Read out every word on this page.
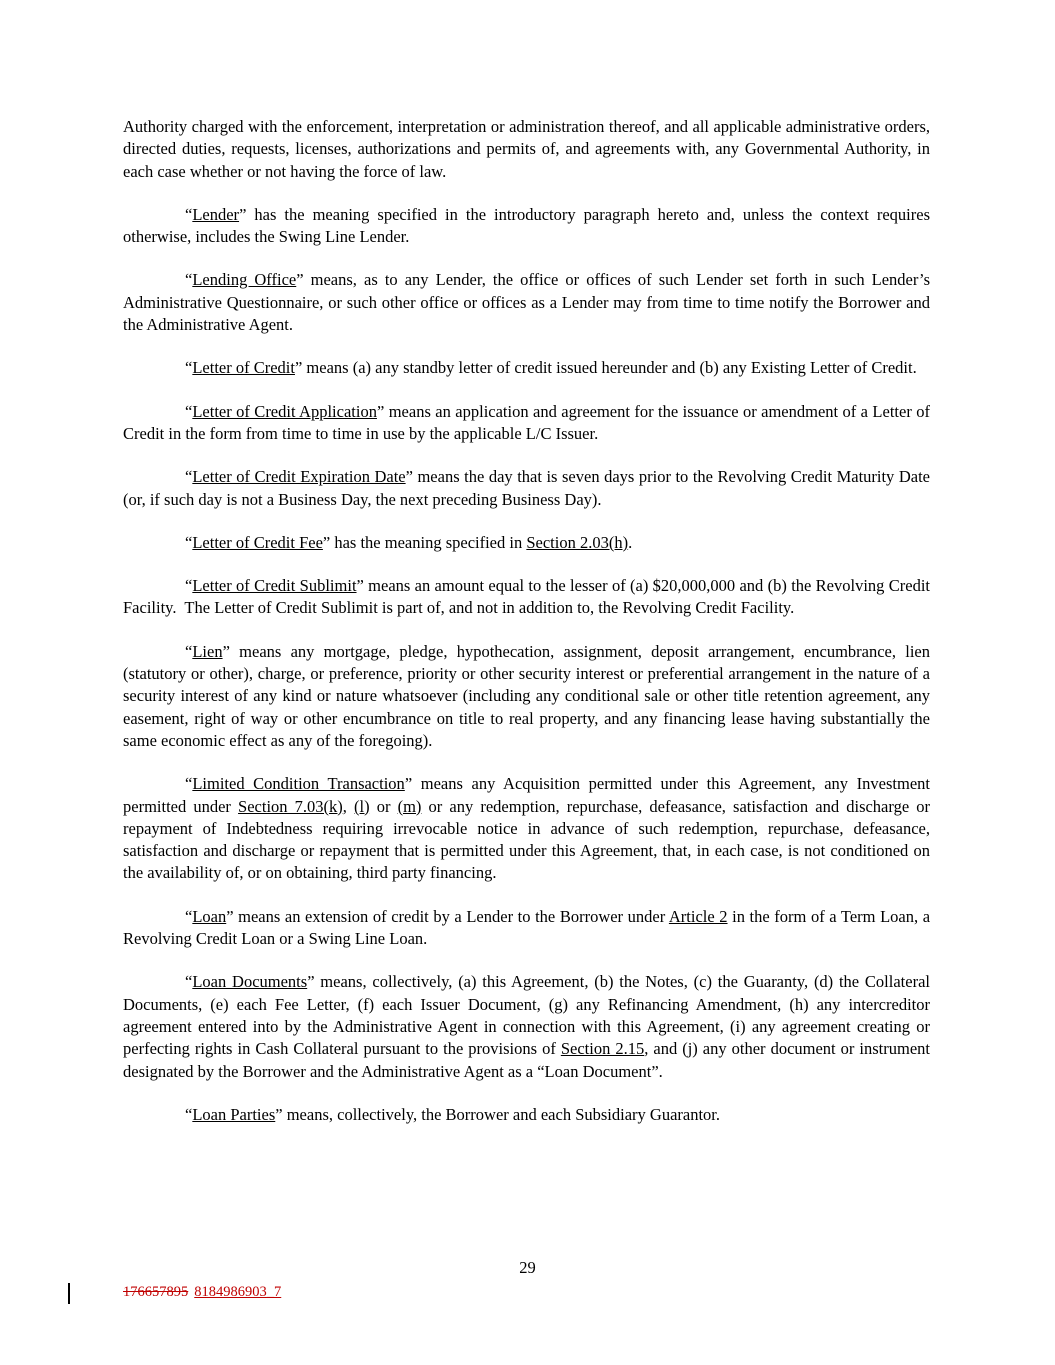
Authority charged with the enforcement, interpretation or administration thereof, and all applicable administrative orders, directed duties, requests, licenses, authorizations and permits of, and agreements with, any Governmental Authority, in each case whether or not having the force of law.

“Lender” has the meaning specified in the introductory paragraph hereto and, unless the context requires otherwise, includes the Swing Line Lender.

“Lending Office” means, as to any Lender, the office or offices of such Lender set forth in such Lender’s Administrative Questionnaire, or such other office or offices as a Lender may from time to time notify the Borrower and the Administrative Agent.

“Letter of Credit” means (a) any standby letter of credit issued hereunder and (b) any Existing Letter of Credit.

“Letter of Credit Application” means an application and agreement for the issuance or amendment of a Letter of Credit in the form from time to time in use by the applicable L/C Issuer.

“Letter of Credit Expiration Date” means the day that is seven days prior to the Revolving Credit Maturity Date (or, if such day is not a Business Day, the next preceding Business Day).

“Letter of Credit Fee” has the meaning specified in Section 2.03(h).

“Letter of Credit Sublimit” means an amount equal to the lesser of (a) $20,000,000 and (b) the Revolving Credit Facility.  The Letter of Credit Sublimit is part of, and not in addition to, the Revolving Credit Facility.

“Lien” means any mortgage, pledge, hypothecation, assignment, deposit arrangement, encumbrance, lien (statutory or other), charge, or preference, priority or other security interest or preferential arrangement in the nature of a security interest of any kind or nature whatsoever (including any conditional sale or other title retention agreement, any easement, right of way or other encumbrance on title to real property, and any financing lease having substantially the same economic effect as any of the foregoing).

“Limited Condition Transaction” means any Acquisition permitted under this Agreement, any Investment permitted under Section 7.03(k), (l) or (m) or any redemption, repurchase, defeasance, satisfaction and discharge or repayment of Indebtedness requiring irrevocable notice in advance of such redemption, repurchase, defeasance, satisfaction and discharge or repayment that is permitted under this Agreement, that, in each case, is not conditioned on the availability of, or on obtaining, third party financing.

“Loan” means an extension of credit by a Lender to the Borrower under Article 2 in the form of a Term Loan, a Revolving Credit Loan or a Swing Line Loan.

“Loan Documents” means, collectively, (a) this Agreement, (b) the Notes, (c) the Guaranty, (d) the Collateral Documents, (e) each Fee Letter, (f) each Issuer Document, (g) any Refinancing Amendment, (h) any intercreditor agreement entered into by the Administrative Agent in connection with this Agreement, (i) any agreement creating or perfecting rights in Cash Collateral pursuant to the provisions of Section 2.15, and (j) any other document or instrument designated by the Borrower and the Administrative Agent as a “Loan Document”.

“Loan Parties” means, collectively, the Borrower and each Subsidiary Guarantor.

29
176657895 8184986903_7
